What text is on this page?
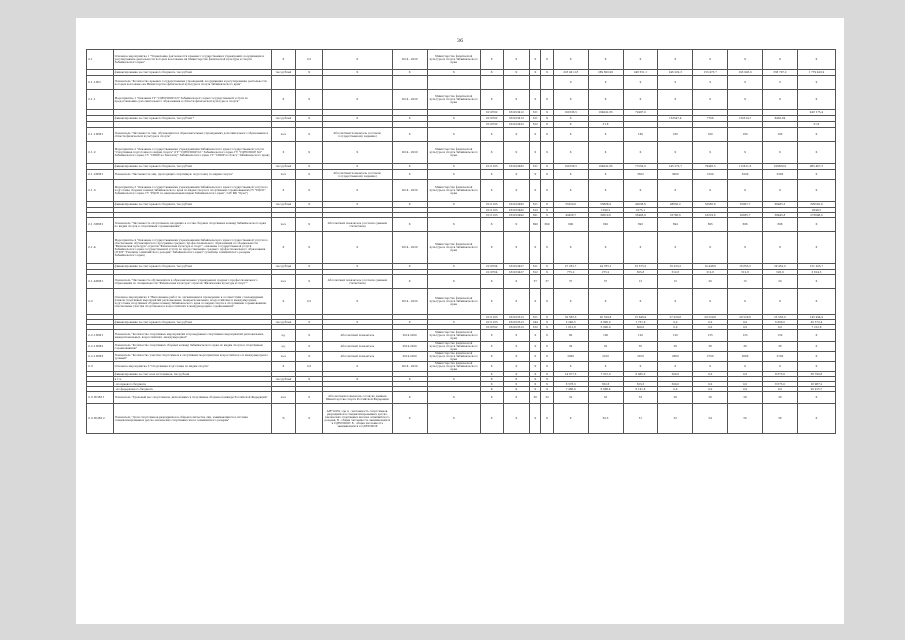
36
2.1	Основное мероприятие 1 "Управление деятельности краевых государственных учреждений, координация и регулирование деятельности которых возложены на Министерство физической культуры и спорта Забайкальского края"	X	0,5	X	2014 - 2020	Министерство физической культуры и спорта Забайкальского края	X	X	X	X	X	X	X	X	X	X	X	X
	финансирование за счет краевого бюджета, тыс.рублей	тыс.рублей	X	X	X	X	X	X	X	X	218 401,18	289 800,90	248 551,1	246 202,3	153 475,7	193 926,0	336 797,2	1 779 420,9
2.1.1ПО	Показатель "Количество краевых государственных учреждений, координация и регулирование деятельности которых возложено на Министерство физической культуры и спорта Забайкальского края"										9	9	9	9	9	9	9	9
2.1.1	Мероприятие 1 "Оказание ГУ "СДЮСШОР №3" Забайкальского края государственной услуги по предоставлению дополнительного образования в области физической культуры и спорта"	X	X	X	2014 - 2020	Министерство физической культуры и спорта Забайкальского края	X	X	X	X	X	X	X	X	X	X	X	X
							0110702	182013412	611	X	191636,5	164041,83	72497,0					428 175,4
	финансирование за счет краевого бюджета, тыс.рублей *	тыс.рублей	X	X	X	X	0110702	182013413	611	X	X			153547,4	7766	130514,7	8462,64	
							0110702	182013423	612	X	X	31,8						31,8
2.1.1ПМ1	Показатель "Численность лиц, обучающихся в образовательных учреждениях дополнительного образования в области физической культуры и спорта"	чел.	X	Абсолютный показатель (согласно государственному заданию)	X	X	X	X	X	X	X	X	180	180	180	180	180	X
2.1.2	Мероприятие 2 "Оказание государственными учреждениями Забайкальского края государственной услуги "Спортивная подготовка по видам спорта" (ГУ "СДЮСШОР №1" Забайкальского края, ГУ "СДЮСШОР №2" Забайкальского края, ГУ "СШОР по биатлону" Забайкальского края, ГУ "СШОР по боксу" Забайкальского края)	X	X	X	2014 - 2020	Министерство физической культуры и спорта Забайкальского края	X	X	X	X	X	X	X	X	X	X	X	X
	финансирование за счет краевого бюджета, тыс.рублей	тыс.рублей	X	X	X	X	0111103	182013482	611	X	191636,5	164041,83	77250,0	145 272,7	79493,5	112611,6	195660,0	965 467,3
2.1.2ПМ1	Показатель "Численность лиц, проходящих спортивную подготовку по видам спорта"	чел.	X	Абсолютный показатель (согласно государственному заданию)	X	X	X	X	X	X	X	X	3502	3000	3100	3200	3300	X
2.1.3	Мероприятие 3 "Оказание государственными учреждениями Забайкальского края государственной услуги по подготовке сборных команд Забайкальского края по видам спорта к спортивным соревнованиям (ГУ "РЦСП" Забайкальского края, ГУ "РЦСП по национальным видам Забайкальского края", ГАУ ФК "Орел")	X	X	X	2014 - 2020	Министерство физической культуры и спорта Забайкальского края	X	X	X	X	X	X	X	X	X	X	X	X
	финансирование за счет краевого бюджета, тыс.рублей	тыс.рублей	X	X	X	X	0111103	182013482	611	X	55550,0	53808,9	42038,6	46650,2	52950,8	55907,7	66485,5	329562,9
							0111103	182013482	612	X		1590,2	1075,1					2649,5
							0111103	182013492	621	X	43458,7	39510,8	35403,9	25766,6	18219,6	20835,7	38445,8	273098,0
2.1.3ПМ1	Показатель "Численность спортсменов, входящих в состав сборных спортивных команд Забайкальского края по видам спорта к спортивным соревнованиям"	чел.	X	Абсолютный показатель (согласно данным статистики)	X	X	X	X	690	690	690	692	693	694	695	696	698	X
2.1.4	Мероприятие 4 "Оказание государственными учреждениями Забайкальского края государственной услуги по обеспечению обучающихся по программе среднего профессионального образования по специальности "Физическая культура" отрасли "Физическая культура и спорт", оказание государственной услуги Забайкальского края государственной услуги по предоставлению среднего профессионального образования (ГПОУ "Училище олимпийского резерва" Забайкальского края)" (училище олимпийского резерва Забайкальского края)	X	X	X	2014 - 2020	Министерство физической культуры и спорта Забайкальского края	X	X	X	X	X	X	X	X	X	X	X	X
	финансирование за счет краевого бюджета, тыс.рублей	тыс.рублей	X	X	X	X	0110704	182013427	611	X	27 232,7	24 785,1	19 375,2	19 233,2	14 448,8	16 833,3	29 452,0	151 205,7
							0110704	182013427	612	X	775,2	275,2	505,8	512,8	512,8	512,8	520,9	3 614,5
2.1.4ПМ1	Показатель "Численность обучающихся в образовательных учреждениях среднего профессионального образования по специальности "Физическая культура" отрасли "Физическая культура и спорт""	чел.	X	Абсолютный показатель (согласно данным статистики)	X	X	X	X	37	37	37	37	13	15	20	15	20	X
2.2	Основное мероприятие 2 "Выполнение работ по организации и проведению в соответствии с календарным планом спортивных мероприятий региональных, межрегиональных, всероссийских и международных, подготовка спортивных сборных команд Забайкальского края по видам спорта к спортивным соревнованиям, обеспечение участия спортсменов в всероссийских и международных соревнованиях"	X	0,5	X	2014 - 2020	Министерство физической культуры и спорта Забайкальского края	X	X	X	X	X	X	X	X	X	X	X	X
							0111103	182013513	611	X	32 565,3	20 529,8	15 646,9	27 029,8	29 529,8	29 529,8	23 563,0	145 294,9
	финансирование за счет краевого бюджета, тыс.рублей	тыс.рублей	X	X	X	X	0111103	182013513	244	X	5 240,5	6 800,0	1 731,9	0,0	0,0	0,0	6 800,0	20 572,4
							0110702	182013513	612	X	1 612,8	5 000,0	600,0	0,0	0,0	0,0	0,0	7 212,8
2.2.1ПМ1	Показатель "Количество спортивных мероприятий и проведённых спортивных мероприятий региональных, межрегиональных, всероссийских, международных"	ед.	X	Абсолютный показатель	2014-2020	Министерство физической культуры и спорта Забайкальского края	X	X	X	X	90	100	120	120	125	125	150	X
2.2.1ПМ2	Показатель "Количество спортивных сборных команд Забайкальского края по видам спорта к спортивным соревнованиям"	ед.	X	Абсолютный показатель	2014-2020	Министерство физической культуры и спорта Забайкальского края	X	X	X	X	30	32	35	36	38	38	38	X
2.2.1ПМ3	Показатель "Количество участия спортсменов в спортивных мероприятиях всероссийского и международного уровней"	чел.	X	Абсолютный показатель	2014-2020	Министерство физической культуры и спорта Забайкальского края	X	X	X	X	2000	2100	2250	2680	2700	2680	2700	X
2.3	Основное мероприятие 3 "Спортивная подготовка по видам спорта"	X	0,5	X	2014 - 2020	Министерство физической культуры и спорта Забайкальского края	X	X	X	X	X	X	X	X	X	X	X	X
	финансирование за счет всех источников, тыс.рублей						X	X	X	X	14 077,5	7 015,0	6 465,0	500,0	0,0	0,0	8 675,0	36 790,8
	в т.ч.	тыс.рублей	X	X	X	X	X	X	X	X								
	- из краевого бюджета						X	X	X	X	6 576,3	352,6	323,3	500,0	0,0	0,0	8 675,0	16 987,2
	- из федерального бюджета						X	X	X	X	7 486,9	6 696,4	6 141,8	0,0	0,0	0,0	0,0	20 915,7
2.3 ПОМ 1	Показатель "Удельный вес спортсменов, включённых в спортивные сборные команды Российской Федерации"	чел.	X	Абсолютный показатель согласно данным Министерства спорта Российской Федерации	X	X	X	X	30	32	32	33	33	28	28	28	28	X
2.3 ПОМ 2	Показатель "Доля спортсменов-разрядников в общем количестве лиц, занимающихся в системе специализированных детско-юношеских спортивных школ олимпийского резерва"	%	X	A/B*100%, где А - численность спортсменов-разрядников в специализированных детско-юношеских спортивных школах олимпийского резерва; B - общая численность занимающихся в СДЮСШОР; Б - общая численность занимающихся в СДЮСШОР	X	X	X	X	X	X	X	50,3	51	52	54	56	58	X
